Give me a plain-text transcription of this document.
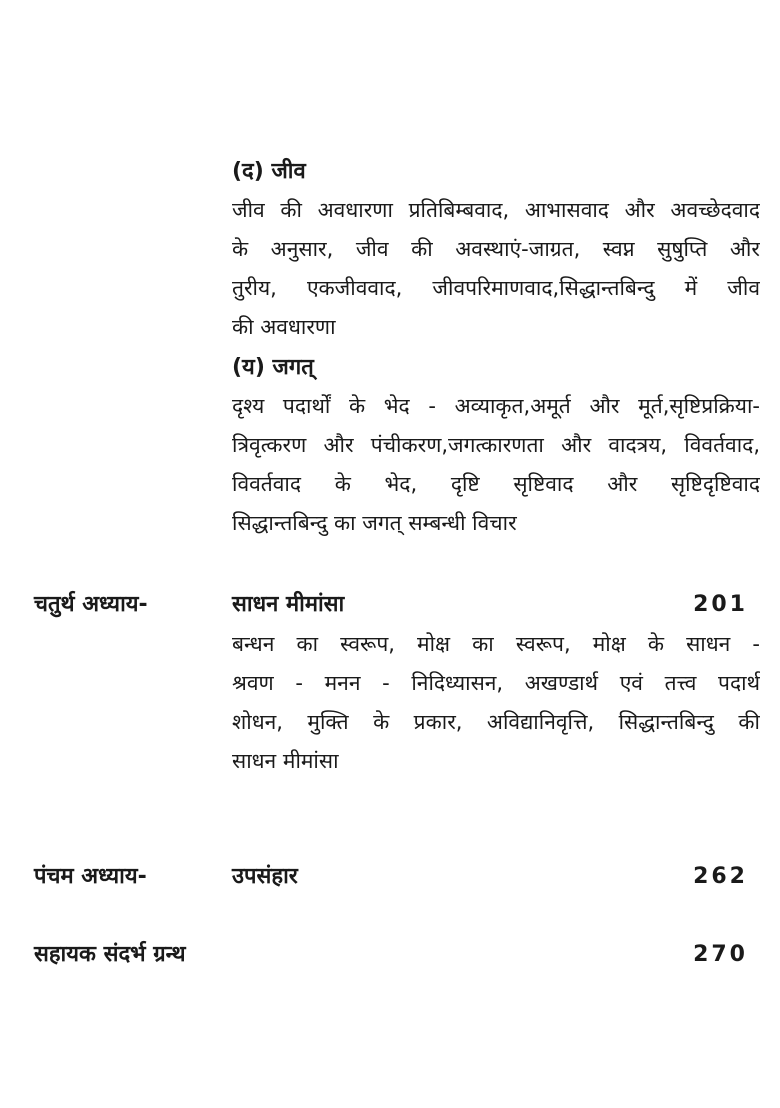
(द) जीव
जीव की अवधारणा प्रतिबिम्बवाद, आभासवाद और अवच्छेदवाद
के अनुसार, जीव की अवस्थाएं-जाग्रत, स्वप्न सुषुप्ति और
तुरीय, एकजीववाद, जीवपरिमाणवाद,सिद्धान्तबिन्दु में जीव
की अवधारणा
(य) जगत्
दृश्य पदार्थों के भेद - अव्याकृत,अमूर्त और मूर्त,सृष्टिप्रक्रिया-
त्रिवृत्करण और पंचीकरण,जगत्कारणता और वादत्रय, विवर्तवाद,
विवर्तवाद के भेद, दृष्टि सृष्टिवाद और सृष्टिदृष्टिवाद
सिद्धान्तबिन्दु का जगत् सम्बन्धी विचार
चतुर्थ अध्याय-	साधन मीमांसा	201
बन्धन का स्वरूप, मोक्ष का स्वरूप, मोक्ष के साधन -
श्रवण - मनन - निदिध्यासन, अखण्डार्थ एवं तत्त्व पदार्थ
शोधन, मुक्ति के प्रकार, अविद्यानिवृत्ति, सिद्धान्तबिन्दु की
साधन मीमांसा
पंचम अध्याय-	उपसंहार	262
सहायक संदर्भ ग्रन्थ	270
